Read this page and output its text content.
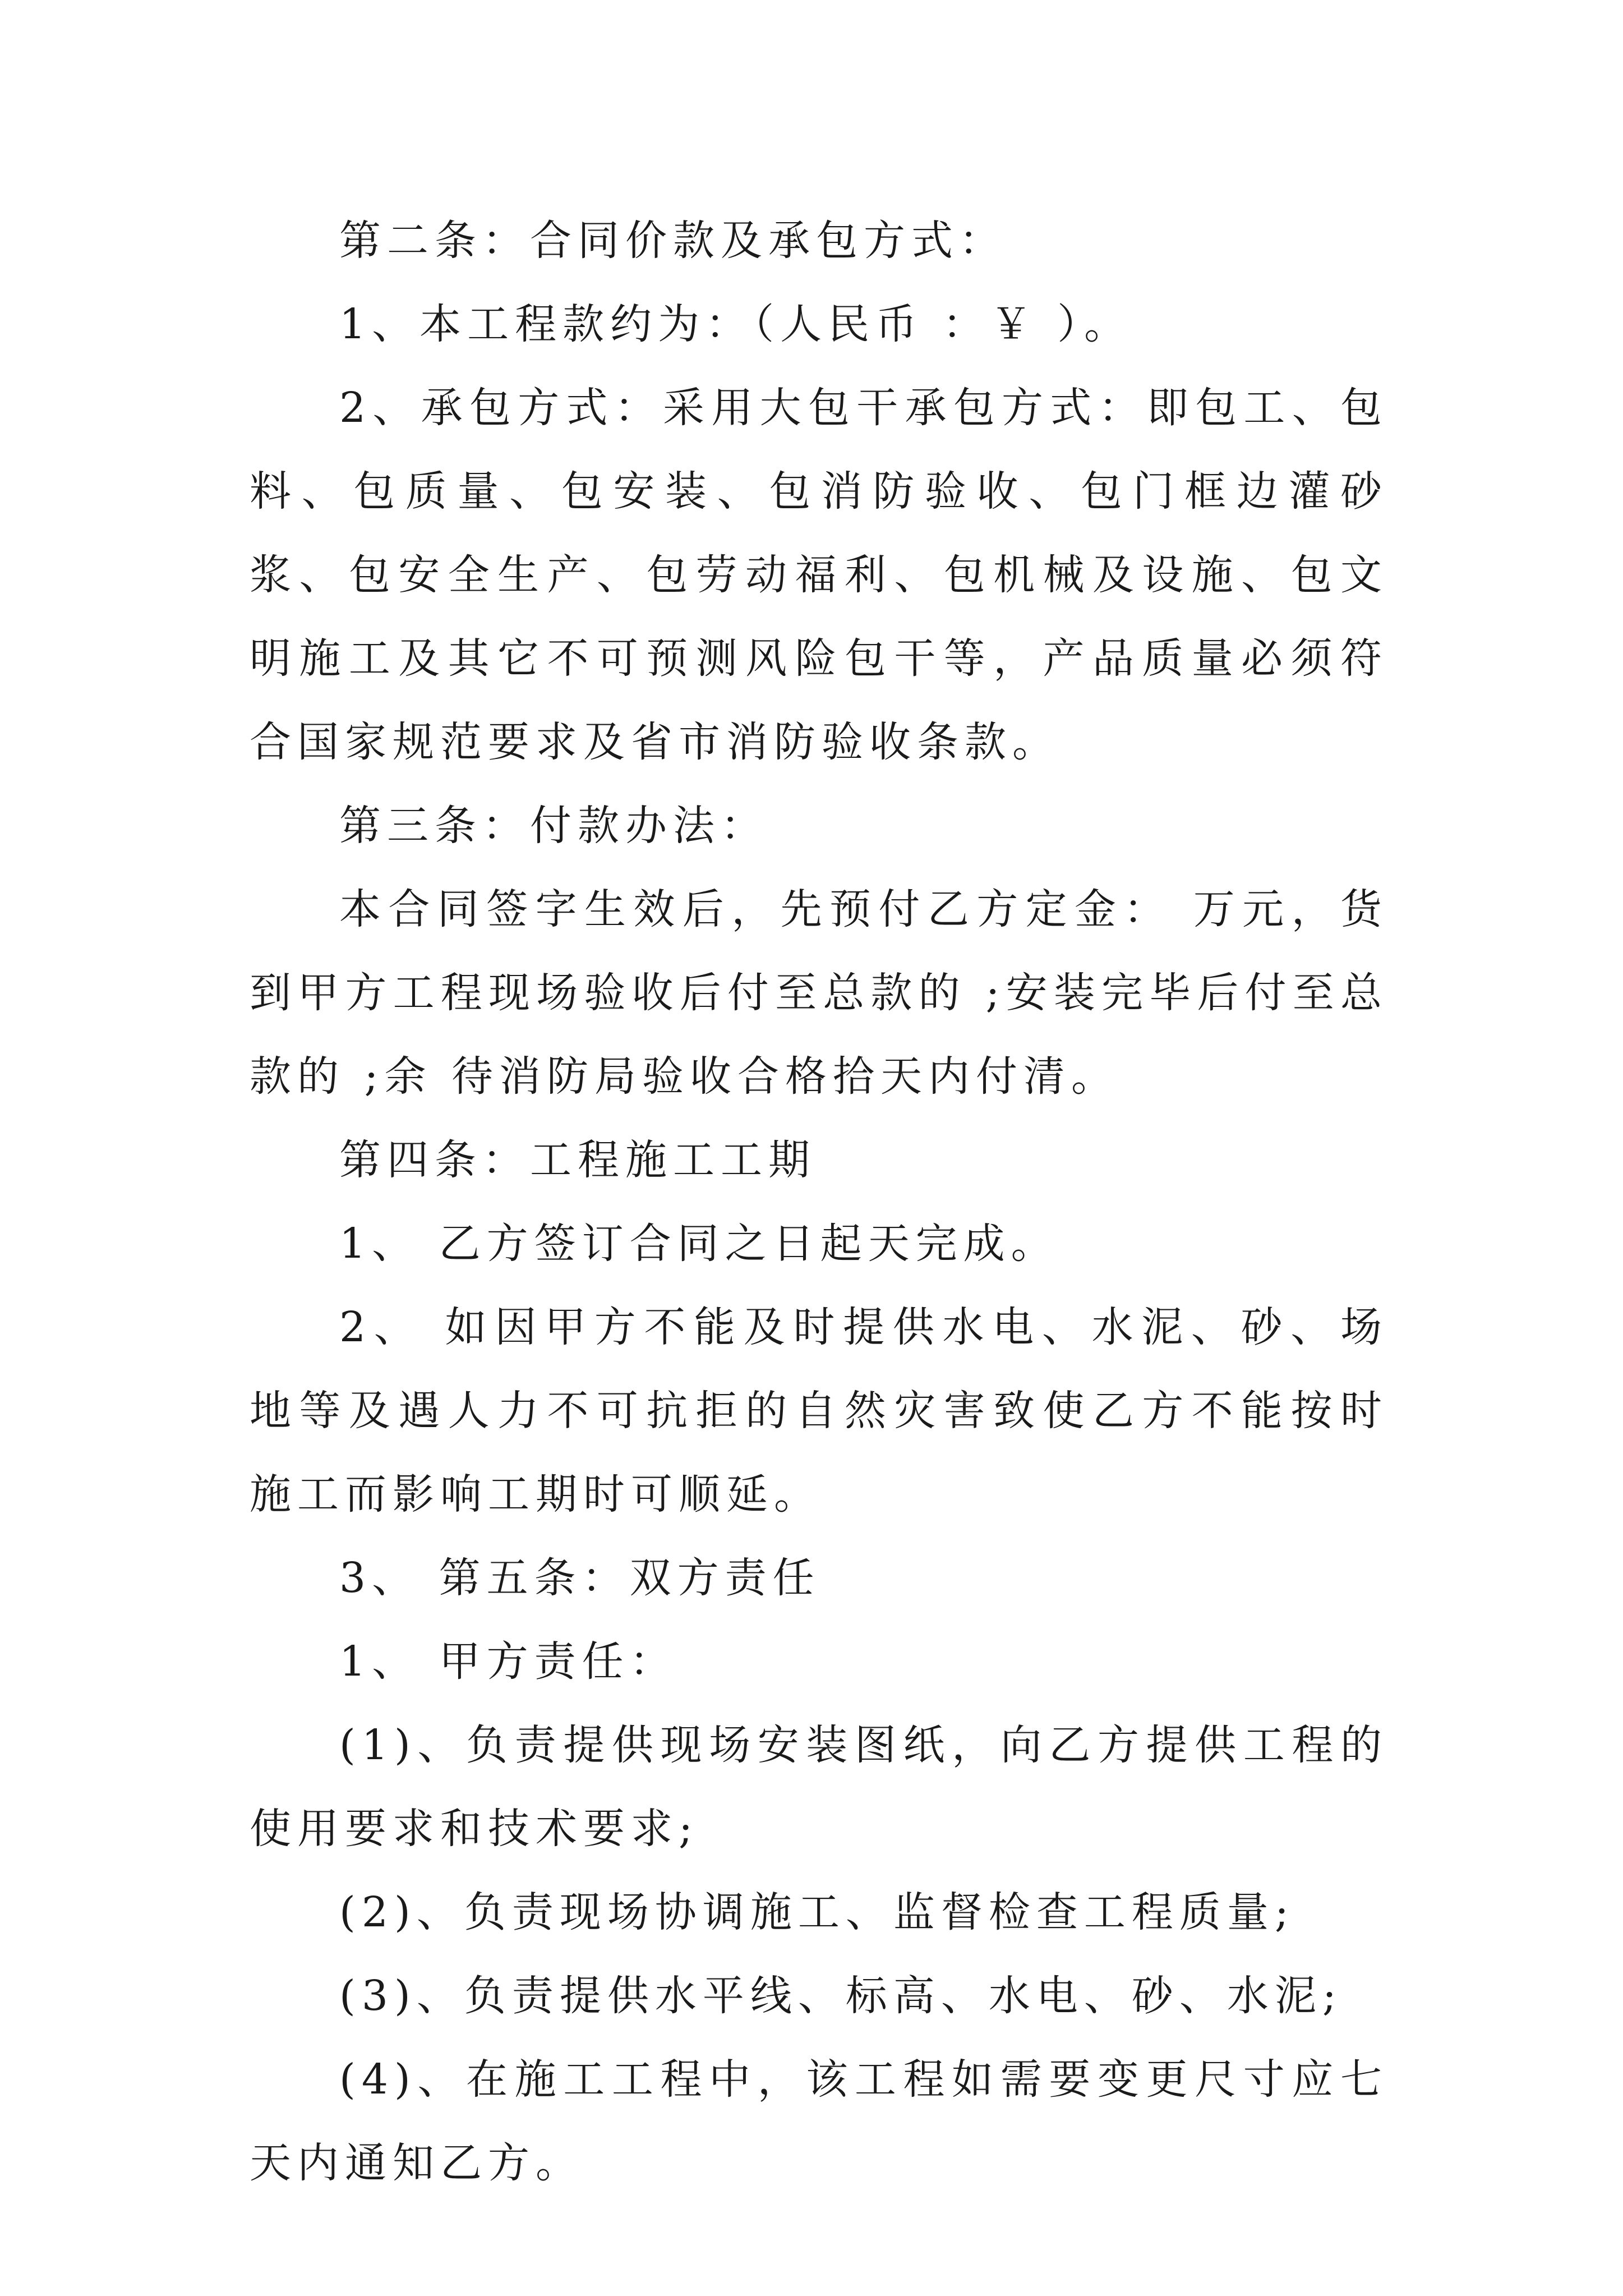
第二条：合同价款及承包方式：

1、本工程款约为：（人民币 ：￥ ）。

2、承包方式：采用大包干承包方式：即包工、包料、包质量、包安装、包消防验收、包门框边灌砂浆、包安全生产、包劳动福利、包机械及设施、包文明施工及其它不可预测风险包干等，产品质量必须符合国家规范要求及省市消防验收条款。

第三条：付款办法：

本合同签字生效后，先预付乙方定金： 万元，货到甲方工程现场验收后付至总款的 ;安装完毕后付至总款的 ;余 待消防局验收合格拾天内付清。

第四条：工程施工工期

1、 乙方签订合同之日起天完成。

2、 如因甲方不能及时提供水电、水泥、砂、场地等及遇人力不可抗拒的自然灾害致使乙方不能按时施工而影响工期时可顺延。

3、 第五条：双方责任

1、 甲方责任：

(1)、负责提供现场安装图纸，向乙方提供工程的使用要求和技术要求;

(2)、负责现场协调施工、监督检查工程质量;

(3)、负责提供水平线、标高、水电、砂、水泥;

(4)、在施工工程中，该工程如需要变更尺寸应七天内通知乙方。
